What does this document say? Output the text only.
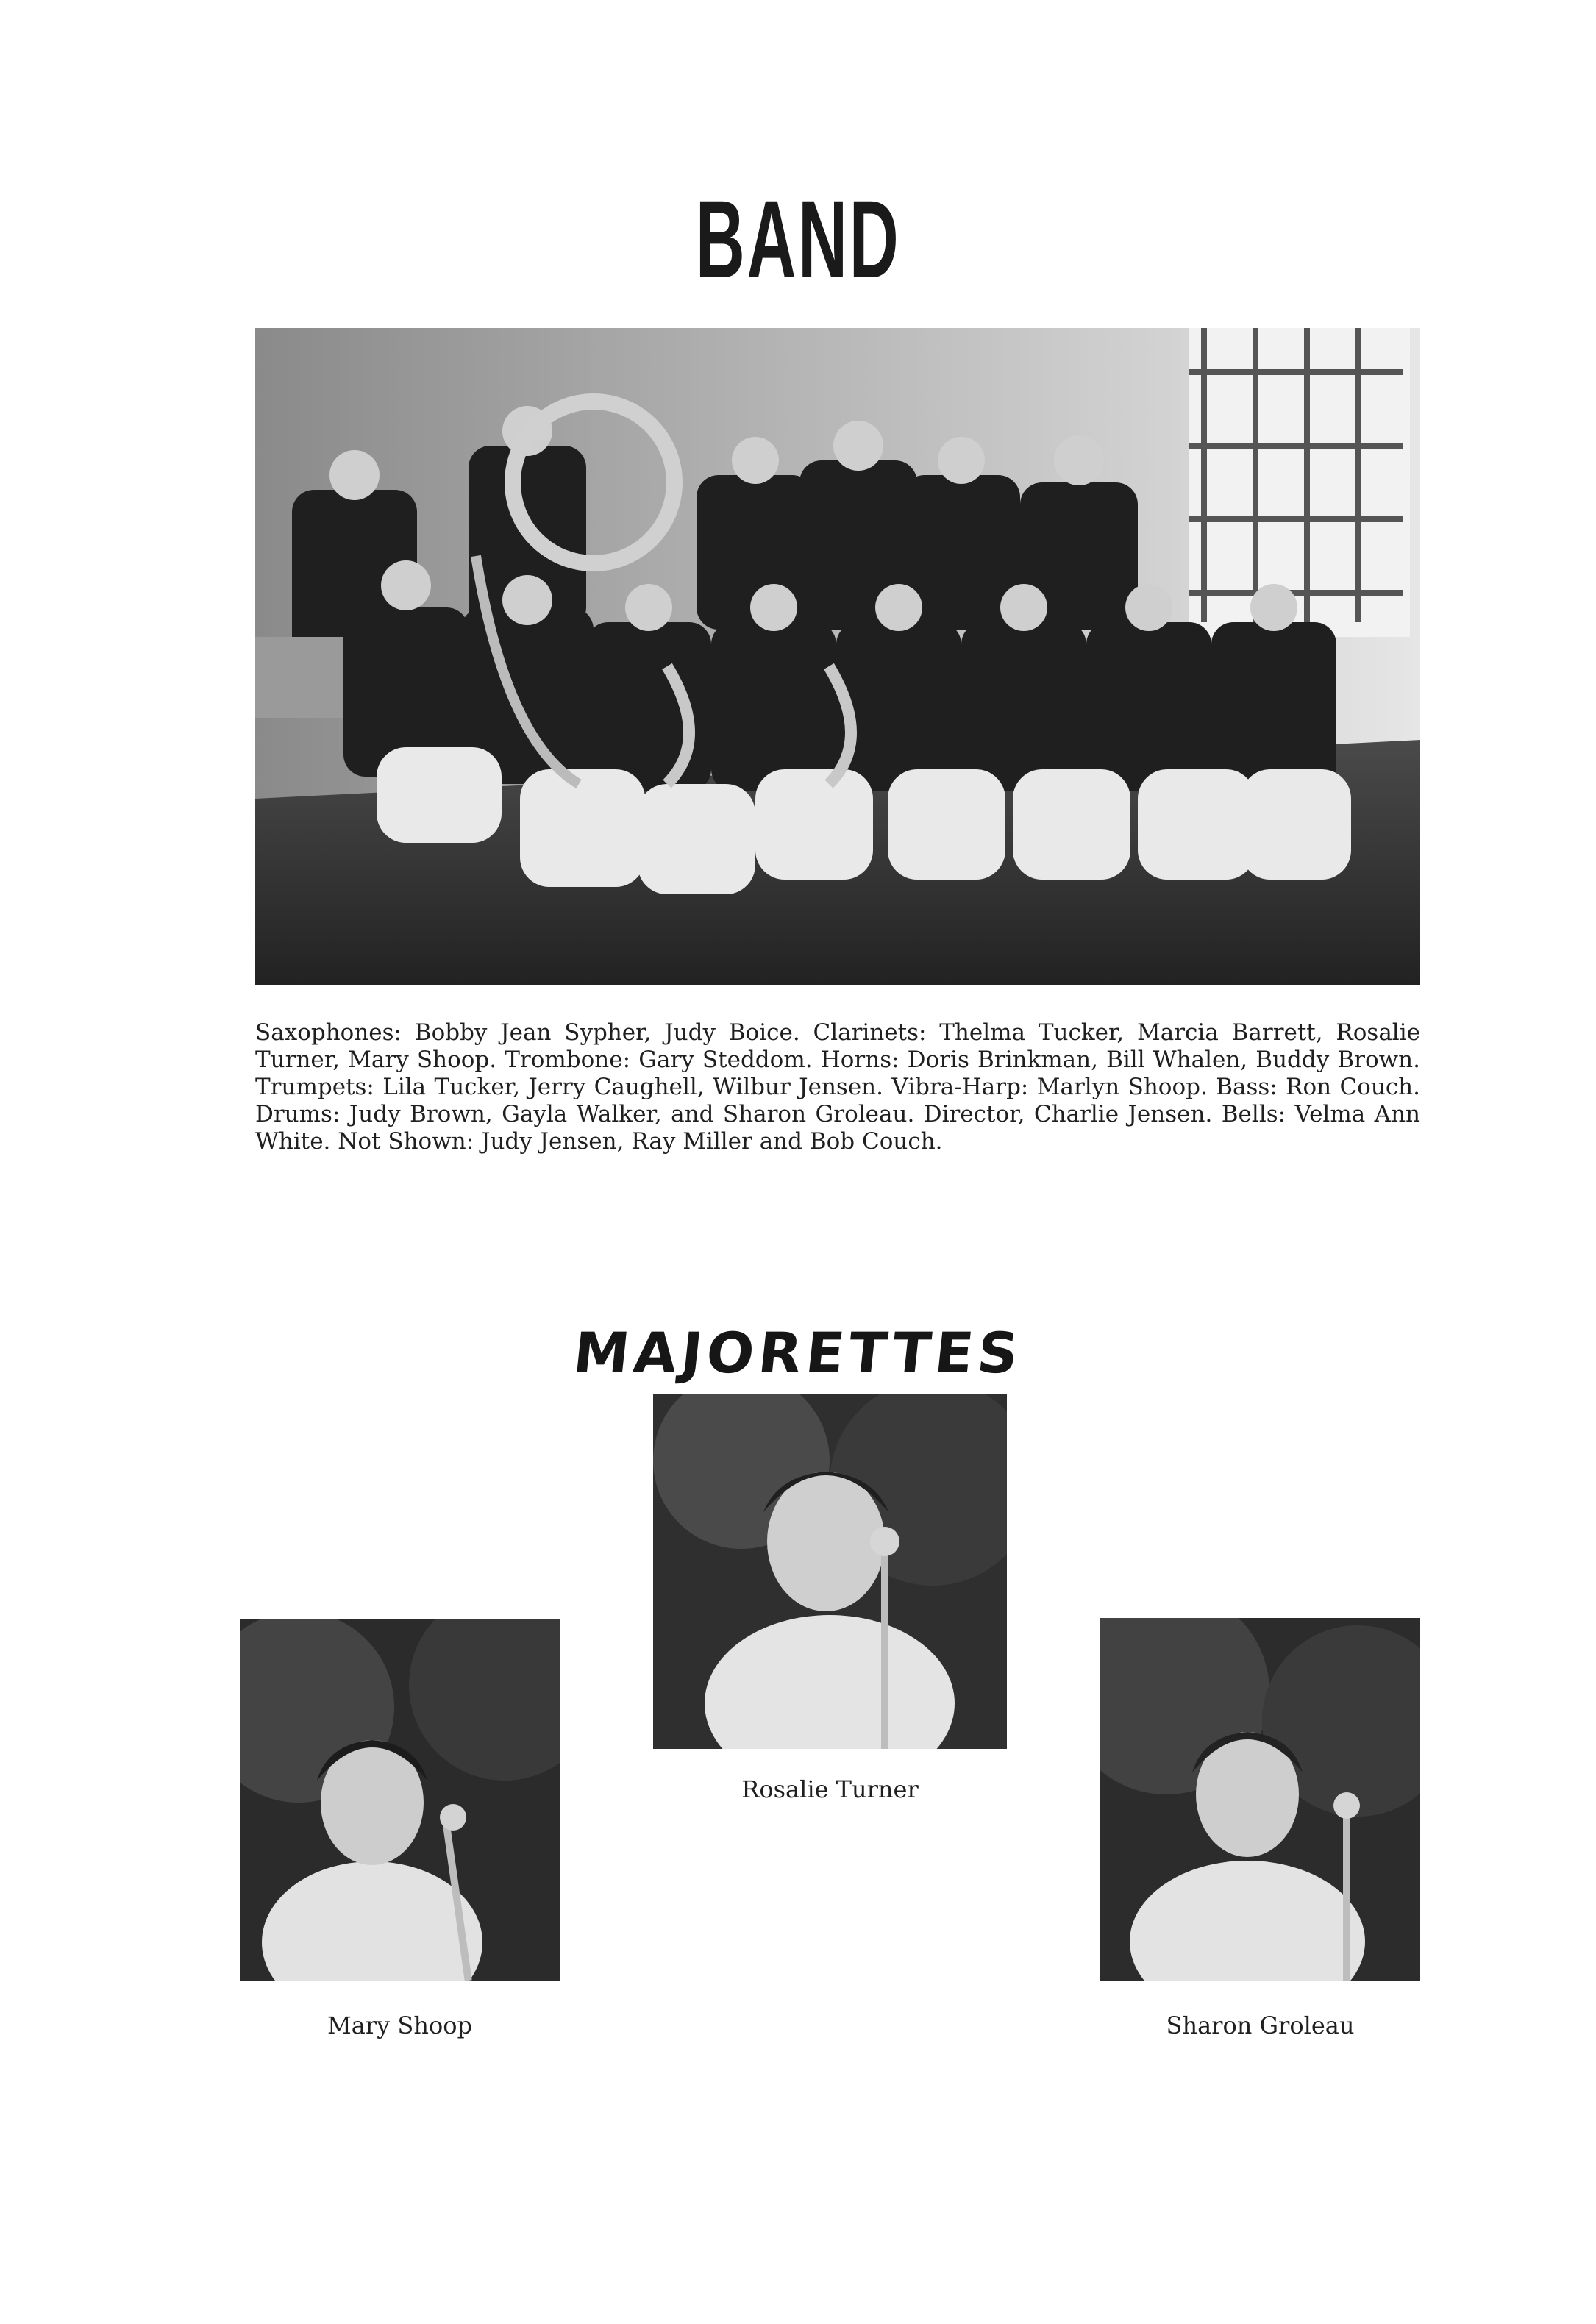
BAND
Saxophones: Bobby Jean Sypher, Judy Boice. Clarinets: Thelma Tucker, Marcia Barrett, Rosalie Turner, Mary Shoop. Trombone: Gary Steddom. Horns: Doris Brinkman, Bill Whalen, Buddy Brown. Trumpets: Lila Tucker, Jerry Caughell, Wilbur Jensen. Vibra-Harp: Marlyn Shoop. Bass: Ron Couch. Drums: Judy Brown, Gayla Walker, and Sharon Groleau. Director, Charlie Jensen. Bells: Velma Ann White. Not Shown: Judy Jensen, Ray Miller and Bob Couch.
MAJORETTES
Rosalie Turner
Mary Shoop	Sharon Groleau
